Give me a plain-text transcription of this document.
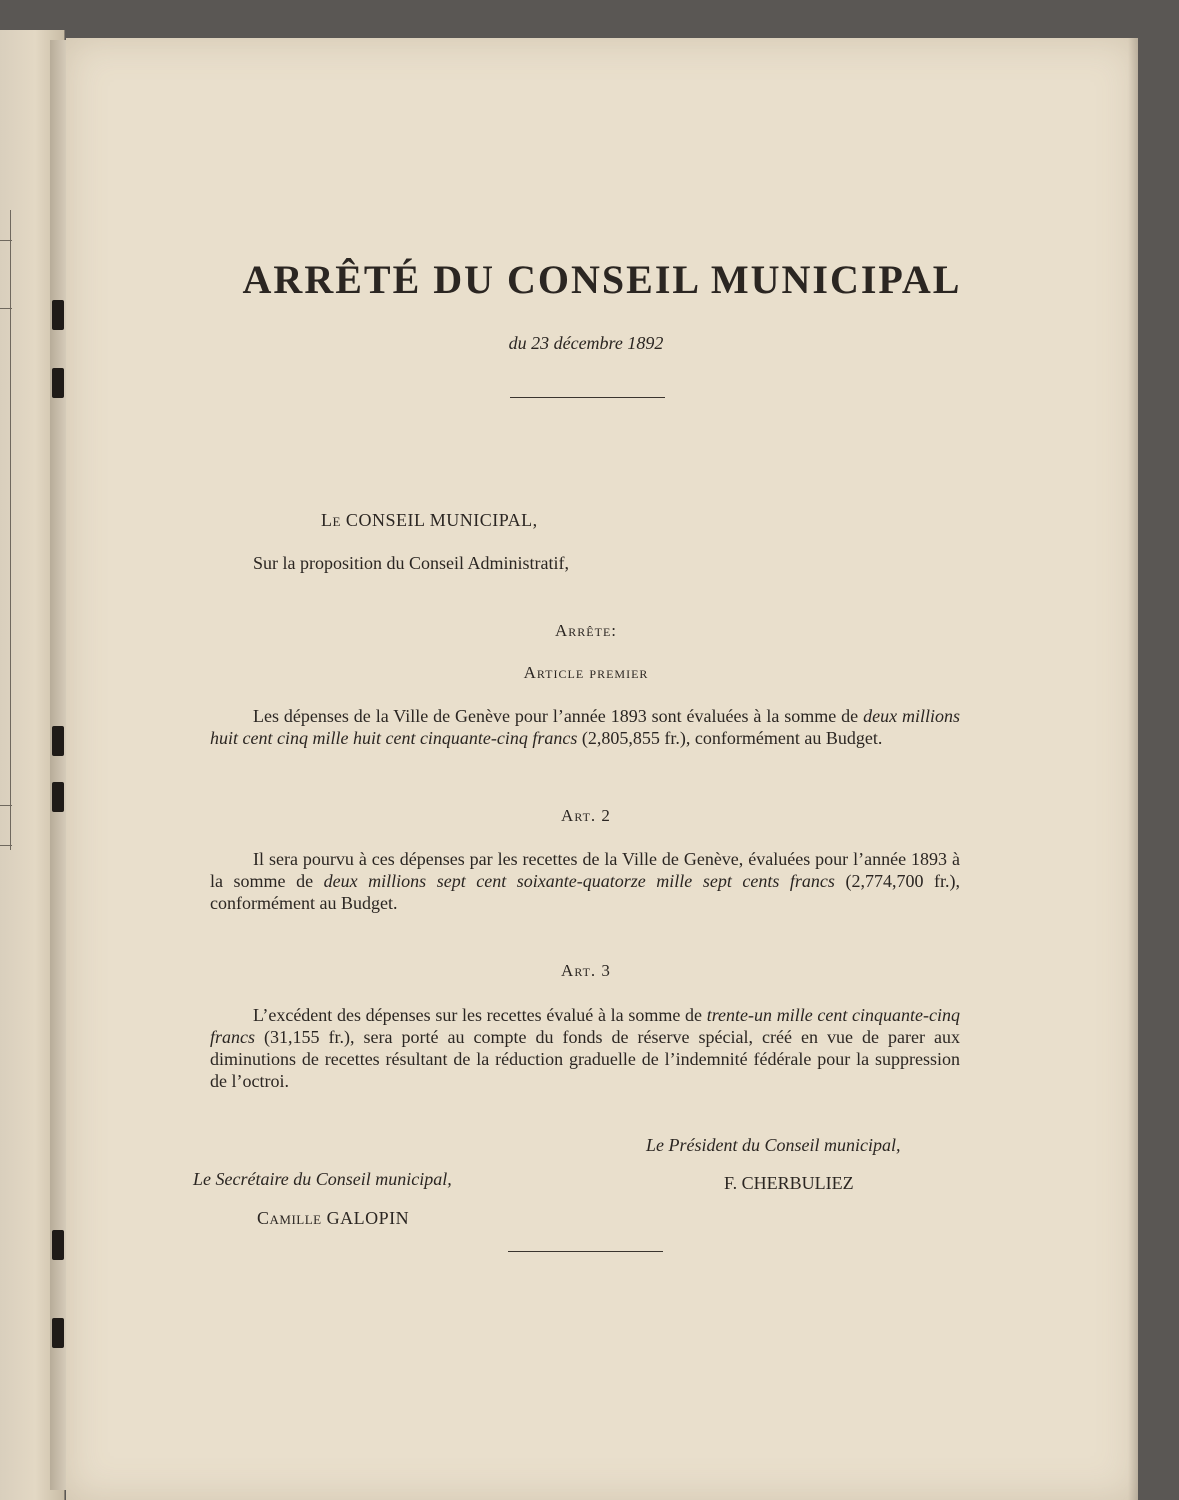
ARRÊTÉ DU CONSEIL MUNICIPAL
du 23 décembre 1892
Le CONSEIL MUNICIPAL,
Sur la proposition du Conseil Administratif,
Arrête:
Article premier
Les dépenses de la Ville de Genève pour l’année 1893 sont évaluées à la somme de deux millions huit cent cinq mille huit cent cinquante-cinq francs (2,805,855 fr.), conformément au Budget.
Art. 2
Il sera pourvu à ces dépenses par les recettes de la Ville de Genève, évaluées pour l’année 1893 à la somme de deux millions sept cent soixante-quatorze mille sept cents francs (2,774,700 fr.), conformément au Budget.
Art. 3
L’excédent des dépenses sur les recettes évalué à la somme de trente-un mille cent cinquante-cinq francs (31,155 fr.), sera porté au compte du fonds de réserve spécial, créé en vue de parer aux diminutions de recettes résultant de la réduction graduelle de l’indemnité fédérale pour la suppression de l’octroi.
Le Président du Conseil municipal,
F. CHERBULIEZ
Le Secrétaire du Conseil municipal,
Camille GALOPIN
